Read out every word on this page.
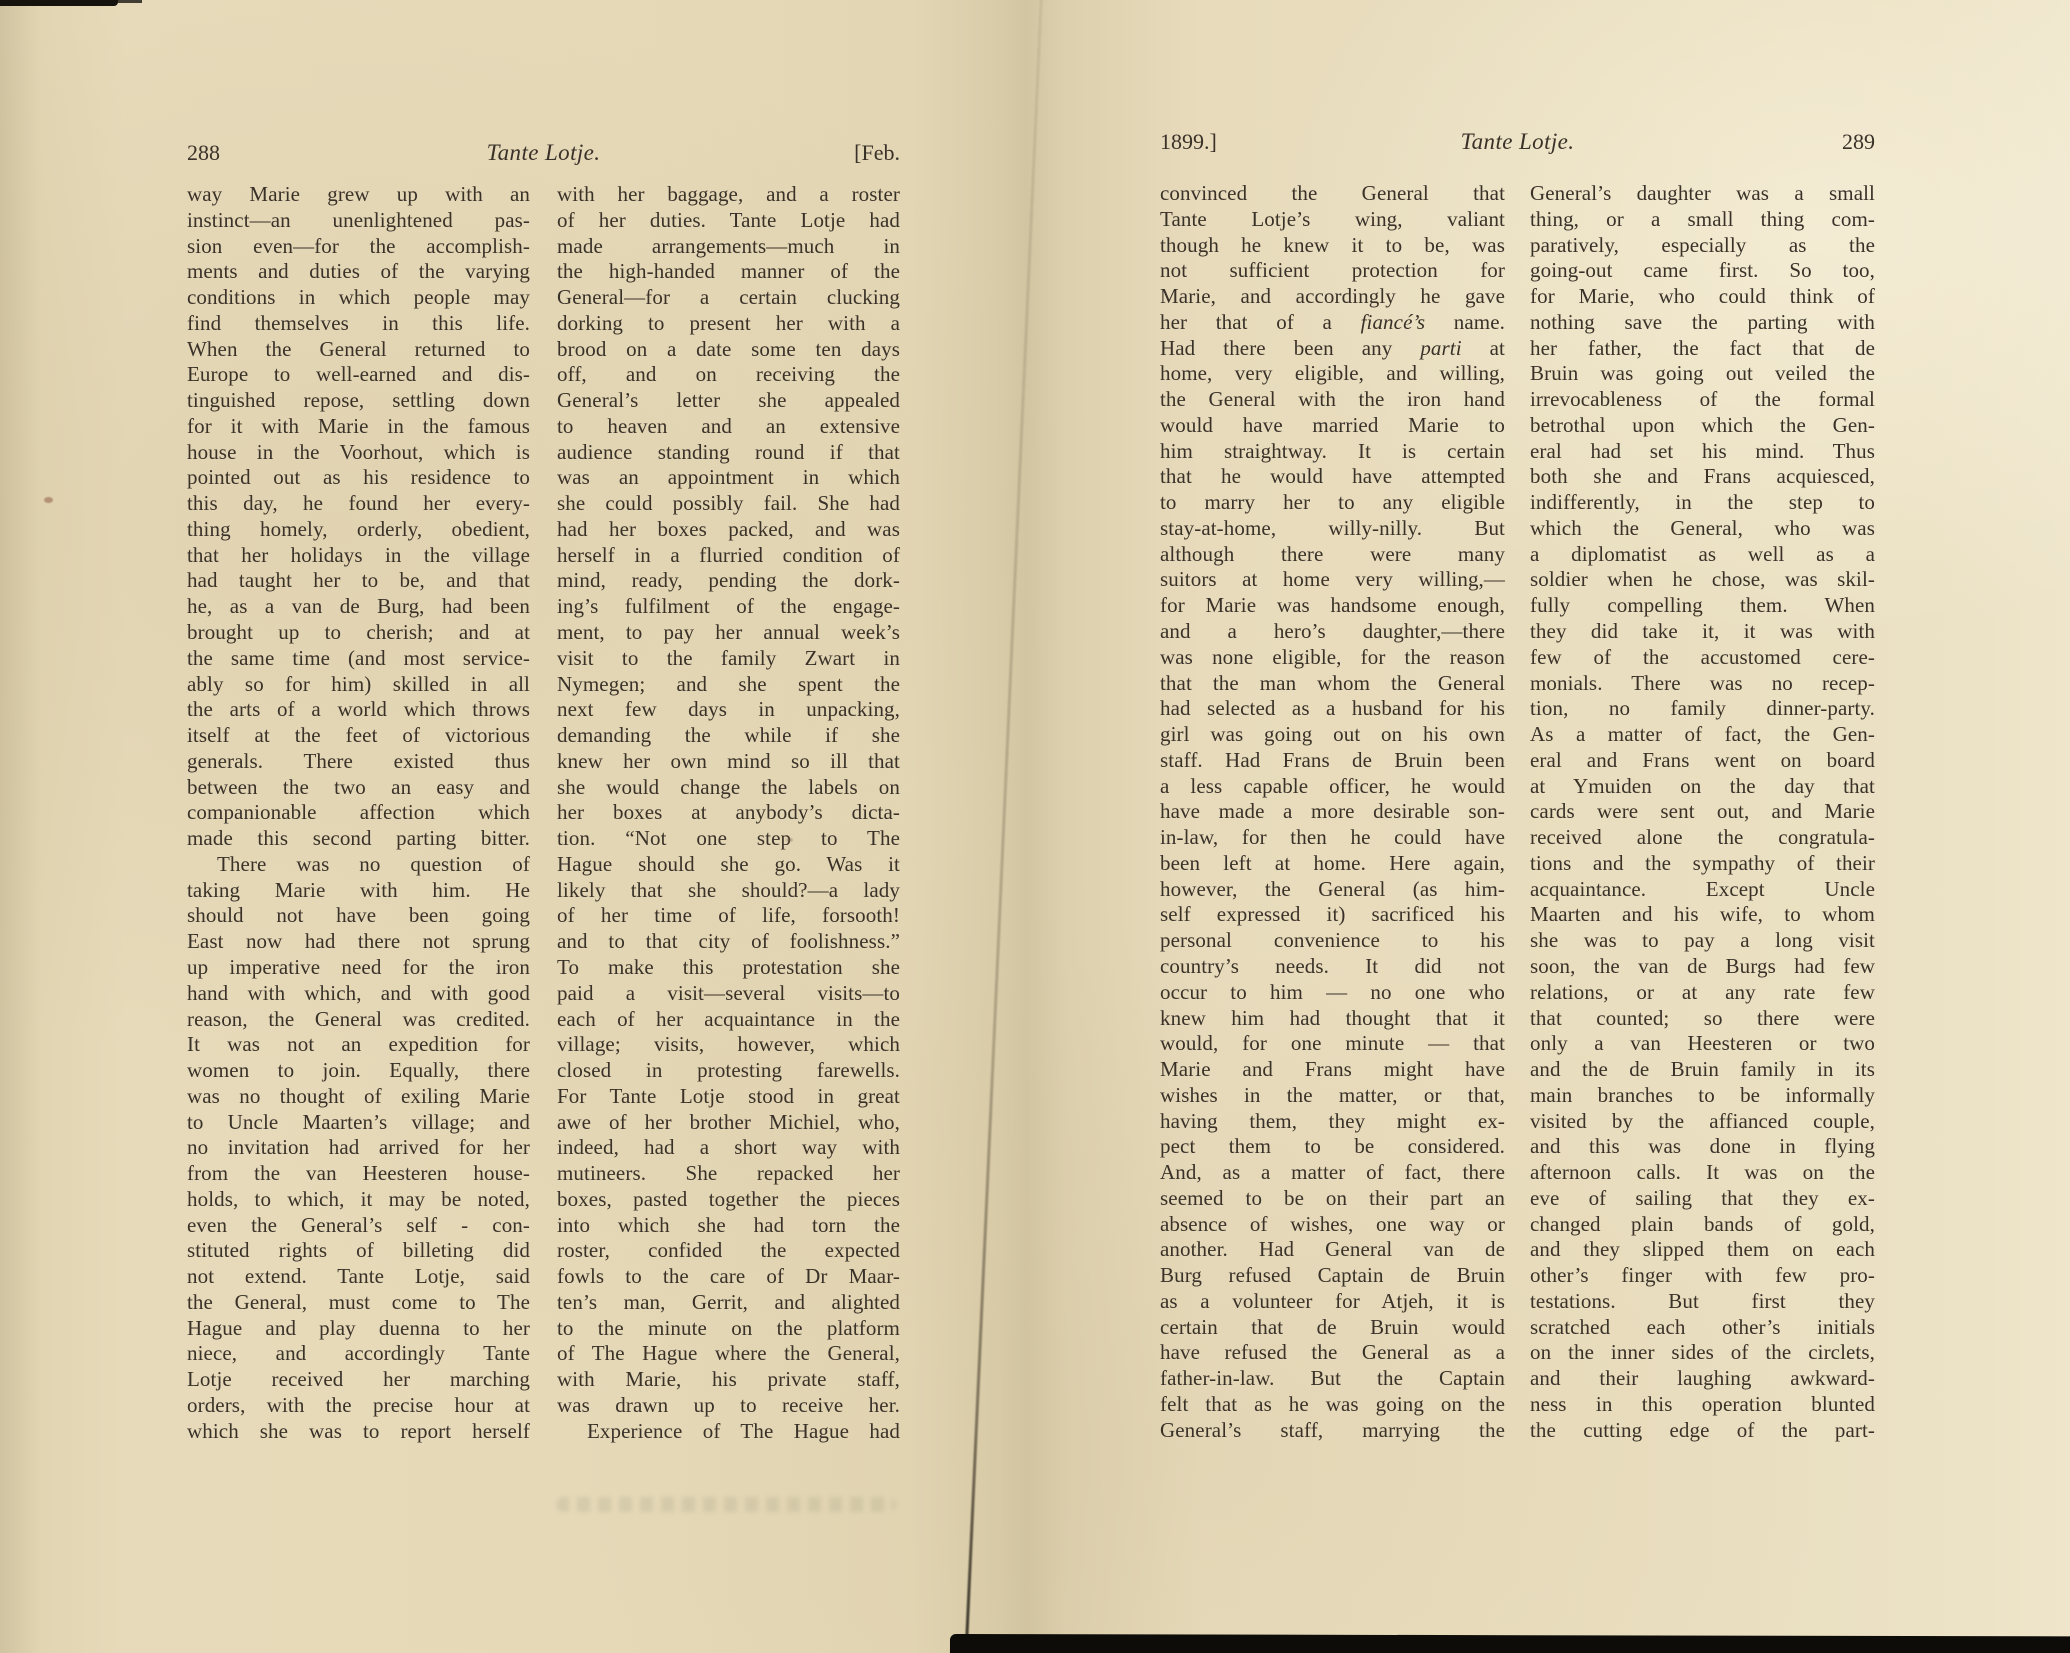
288	Tante Lotje.	[Feb.
way Marie grew up with an
instinct—an unenlightened pas-
sion even—for the accomplish-
ments and duties of the varying
conditions in which people may
find themselves in this life.
When the General returned to
Europe to well-earned and dis-
tinguished repose, settling down
for it with Marie in the famous
house in the Voorhout, which is
pointed out as his residence to
this day, he found her every-
thing homely, orderly, obedient,
that her holidays in the village
had taught her to be, and that
he, as a van de Burg, had been
brought up to cherish; and at
the same time (and most service-
ably so for him) skilled in all
the arts of a world which throws
itself at the feet of victorious
generals. There existed thus
between the two an easy and
companionable affection which
made this second parting bitter.
There was no question of
taking Marie with him. He
should not have been going
East now had there not sprung
up imperative need for the iron
hand with which, and with good
reason, the General was credited.
It was not an expedition for
women to join. Equally, there
was no thought of exiling Marie
to Uncle Maarten’s village; and
no invitation had arrived for her
from the van Heesteren house-
holds, to which, it may be noted,
even the General’s self - con-
stituted rights of billeting did
not extend. Tante Lotje, said
the General, must come to The
Hague and play duenna to her
niece, and accordingly Tante
Lotje received her marching
orders, with the precise hour at
which she was to report herself
with her baggage, and a roster
of her duties. Tante Lotje had
made arrangements—much in
the high-handed manner of the
General—for a certain clucking
dorking to present her with a
brood on a date some ten days
off, and on receiving the
General’s letter she appealed
to heaven and an extensive
audience standing round if that
was an appointment in which
she could possibly fail. She had
had her boxes packed, and was
herself in a flurried condition of
mind, ready, pending the dork-
ing’s fulfilment of the engage-
ment, to pay her annual week’s
visit to the family Zwart in
Nymegen; and she spent the
next few days in unpacking,
demanding the while if she
knew her own mind so ill that
she would change the labels on
her boxes at anybody’s dicta-
tion. “Not one step to The
Hague should she go. Was it
likely that she should?—a lady
of her time of life, forsooth!
and to that city of foolishness.”
To make this protestation she
paid a visit—several visits—to
each of her acquaintance in the
village; visits, however, which
closed in protesting farewells.
For Tante Lotje stood in great
awe of her brother Michiel, who,
indeed, had a short way with
mutineers. She repacked her
boxes, pasted together the pieces
into which she had torn the
roster, confided the expected
fowls to the care of Dr Maar-
ten’s man, Gerrit, and alighted
to the minute on the platform
of The Hague where the General,
with Marie, his private staff,
was drawn up to receive her.
Experience of The Hague had
1899.]	Tante Lotje.	289
convinced the General that
Tante Lotje’s wing, valiant
though he knew it to be, was
not sufficient protection for
Marie, and accordingly he gave
her that of a fiancé’s name.
Had there been any parti at
home, very eligible, and willing,
the General with the iron hand
would have married Marie to
him straightway. It is certain
that he would have attempted
to marry her to any eligible
stay-at-home, willy-nilly. But
although there were many
suitors at home very willing,—
for Marie was handsome enough,
and a hero’s daughter,—there
was none eligible, for the reason
that the man whom the General
had selected as a husband for his
girl was going out on his own
staff. Had Frans de Bruin been
a less capable officer, he would
have made a more desirable son-
in-law, for then he could have
been left at home. Here again,
however, the General (as him-
self expressed it) sacrificed his
personal convenience to his
country’s needs. It did not
occur to him — no one who
knew him had thought that it
would, for one minute — that
Marie and Frans might have
wishes in the matter, or that,
having them, they might ex-
pect them to be considered.
And, as a matter of fact, there
seemed to be on their part an
absence of wishes, one way or
another. Had General van de
Burg refused Captain de Bruin
as a volunteer for Atjeh, it is
certain that de Bruin would
have refused the General as a
father-in-law. But the Captain
felt that as he was going on the
General’s staff, marrying the
General’s daughter was a small
thing, or a small thing com-
paratively, especially as the
going-out came first. So too,
for Marie, who could think of
nothing save the parting with
her father, the fact that de
Bruin was going out veiled the
irrevocableness of the formal
betrothal upon which the Gen-
eral had set his mind. Thus
both she and Frans acquiesced,
indifferently, in the step to
which the General, who was
a diplomatist as well as a
soldier when he chose, was skil-
fully compelling them. When
they did take it, it was with
few of the accustomed cere-
monials. There was no recep-
tion, no family dinner-party.
As a matter of fact, the Gen-
eral and Frans went on board
at Ymuiden on the day that
cards were sent out, and Marie
received alone the congratula-
tions and the sympathy of their
acquaintance. Except Uncle
Maarten and his wife, to whom
she was to pay a long visit
soon, the van de Burgs had few
relations, or at any rate few
that counted; so there were
only a van Heesteren or two
and the de Bruin family in its
main branches to be informally
visited by the affianced couple,
and this was done in flying
afternoon calls. It was on the
eve of sailing that they ex-
changed plain bands of gold,
and they slipped them on each
other’s finger with few pro-
testations. But first they
scratched each other’s initials
on the inner sides of the circlets,
and their laughing awkward-
ness in this operation blunted
the cutting edge of the part-
